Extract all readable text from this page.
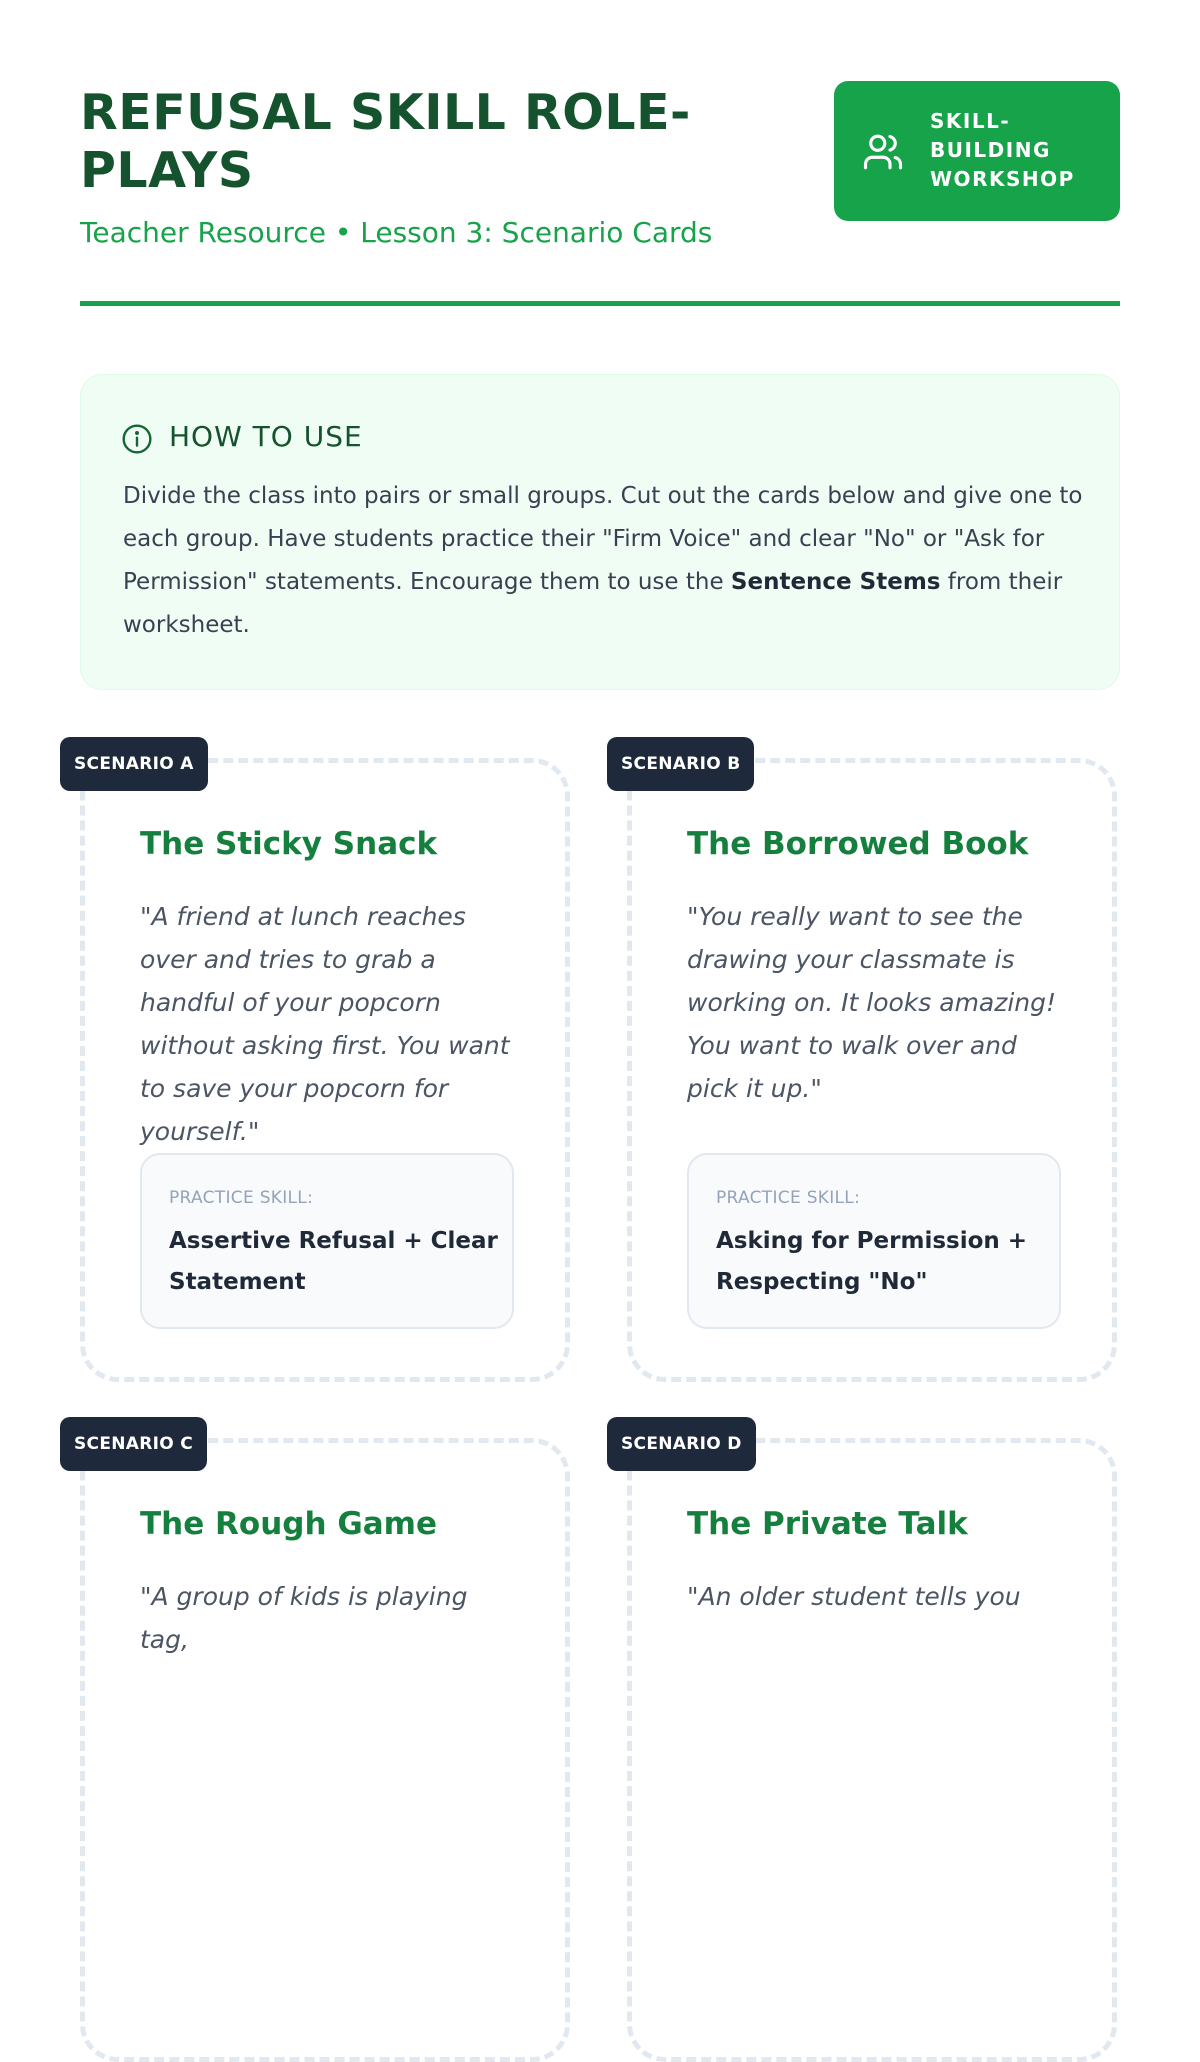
REFUSAL SKILL ROLE-PLAYS
Teacher Resource • Lesson 3: Scenario Cards
SKILL-BUILDING WORKSHOP
HOW TO USE

Divide the class into pairs or small groups. Cut out the cards below and give one to each group. Have students practice their "Firm Voice" and clear "No" or "Ask for Permission" statements. Encourage them to use the Sentence Stems from their worksheet.

The Sticky Snack

"A friend at lunch reaches over and tries to grab a handful of your popcorn without asking first. You want to save your popcorn for yourself."

PRACTICE SKILL:
Assertive Refusal + Clear Statement
SCENARIO A
The Borrowed Book

"You really want to see the drawing your classmate is working on. It looks amazing! You want to walk over and pick it up."

PRACTICE SKILL:
Asking for Permission + Respecting "No"
SCENARIO B
The Rough Game

"A group of kids is playing tag,

SCENARIO C
The Private Talk

"An older student tells you

SCENARIO D
